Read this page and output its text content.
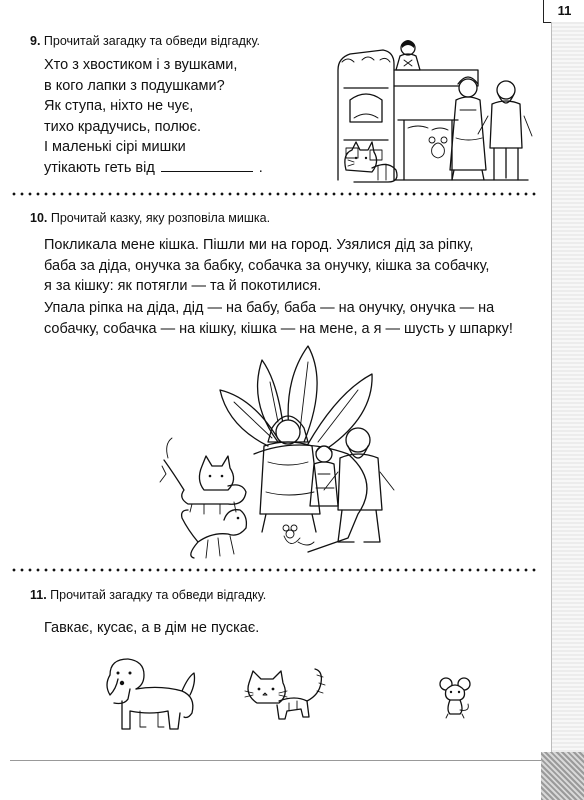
11

9. Прочитай загадку та обведи відгадку.

Хто з хвостиком і з вушками,
в кого лапки з подушками?
Як ступа, ніхто не чує,
тихо крадучись, полює.
І маленькі сірі мишки
утікають геть від	.

10. Прочитай казку, яку розповіла мишка.

Покликала мене кішка. Пішли ми на город. Узялися дід за ріпку,
баба за діда, онучка за бабку, собачка за онучку, кішка за собачку,
я за кішку: як потягли — та й покотилися.
Упала ріпка на діда, дід — на бабу, баба — на онучку, онучка — на
собачку, собачка — на кішку, кішка — на мене, а я — шусть у шпарку!

11. Прочитай загадку та обведи відгадку.

Гавкає, кусає, а в дім не пускає.
